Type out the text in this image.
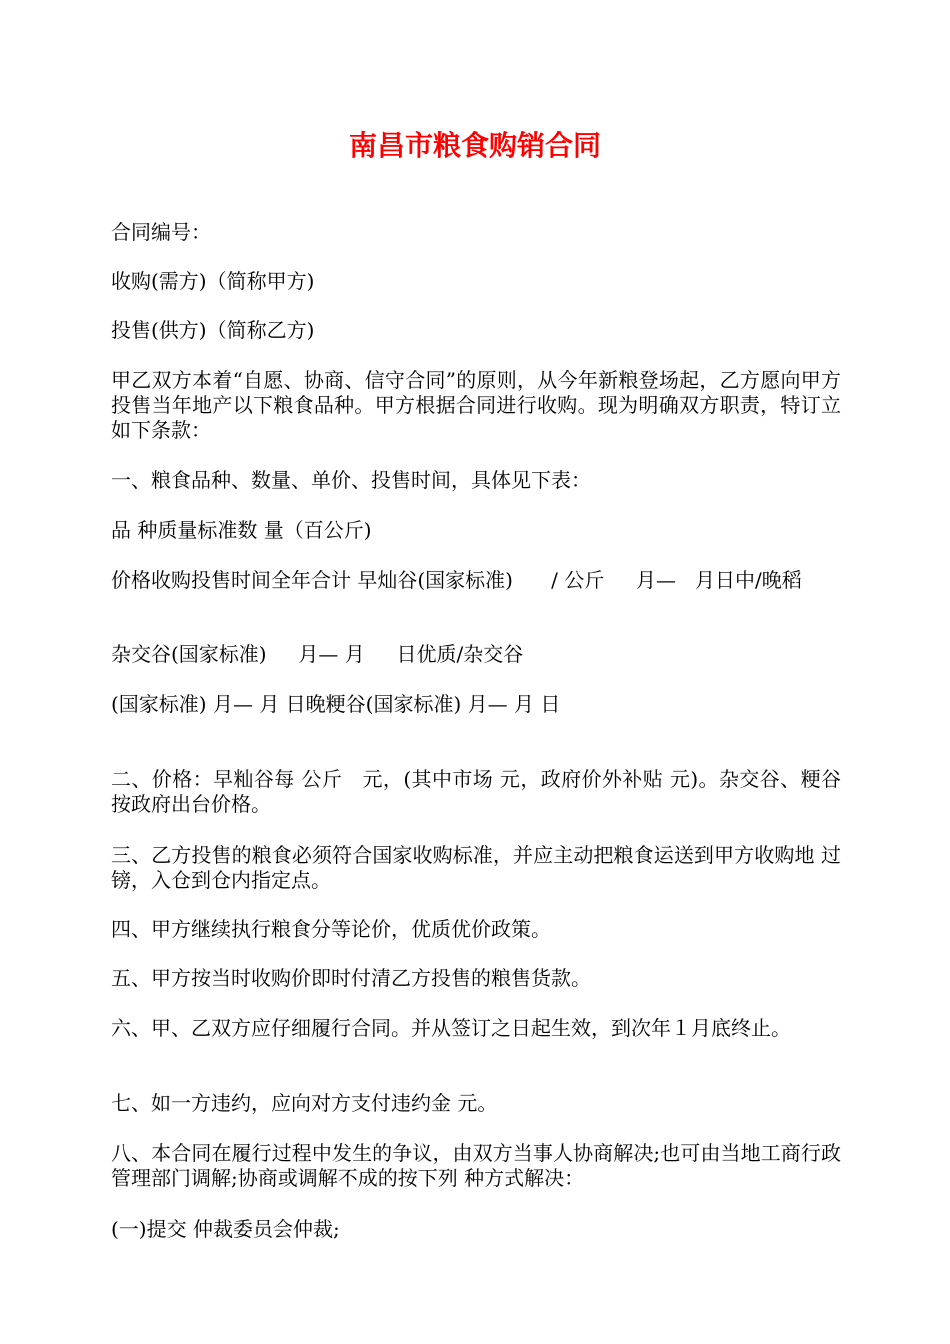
南昌市粮食购销合同

合同编号：

收购(需方)（简称甲方)

投售(供方)（简称乙方)

甲乙双方本着“自愿、协商、信守合同”的原则，从今年新粮登场起，乙方愿向甲方投售当年地产以下粮食品种。甲方根据合同进行收购。现为明确双方职责，特订立如下条款：

一、粮食品种、数量、单价、投售时间，具体见下表：

品 种质量标准数 量（百公斤)

价格收购投售时间全年合计 早灿谷(国家标准)      / 公斤     月—   月日中/晚稻

杂交谷(国家标准)     月— 月     日优质/杂交谷

(国家标准) 月— 月 日晚粳谷(国家标准) 月— 月 日

二、价格：早籼谷每 公斤   元，(其中市场 元，政府价外补贴 元)。杂交谷、粳谷按政府出台价格。

三、乙方投售的粮食必须符合国家收购标准，并应主动把粮食运送到甲方收购地 过镑，入仓到仓内指定点。

四、甲方继续执行粮食分等论价，优质优价政策。

五、甲方按当时收购价即时付清乙方投售的粮售货款。

六、甲、乙双方应仔细履行合同。并从签订之日起生效，到次年１月底终止。

七、如一方违约，应向对方支付违约金 元。

八、本合同在履行过程中发生的争议，由双方当事人协商解决;也可由当地工商行政管理部门调解;协商或调解不成的按下列 种方式解决：

(一)提交 仲裁委员会仲裁;
